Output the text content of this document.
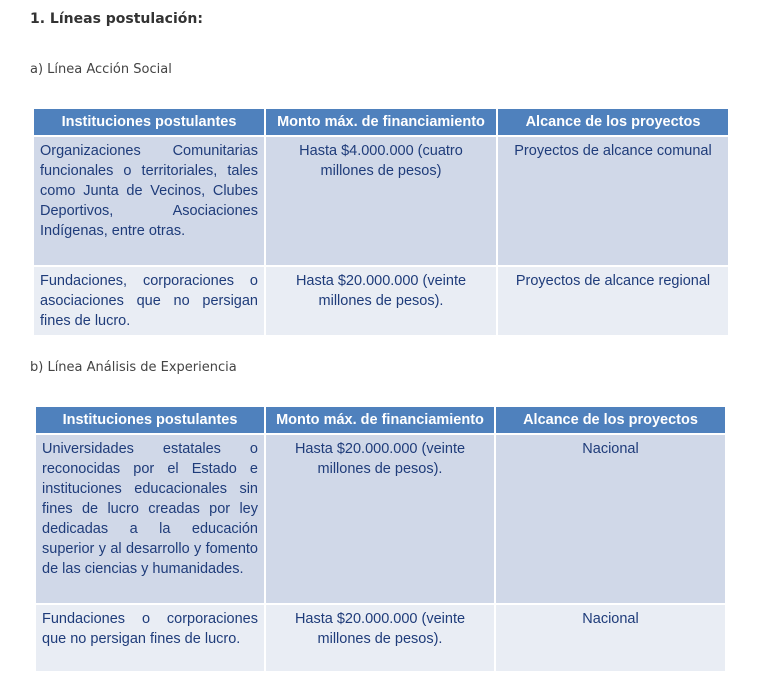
1. Líneas postulación:
a) Línea Acción Social
Instituciones postulantes	Monto máx. de financiamiento	Alcance de los proyectos
Organizaciones Comunitarias funcionales o territoriales, tales como Junta de Vecinos, Clubes Deportivos, Asociaciones Indígenas, entre otras.	Hasta $4.000.000 (cuatro millones de pesos)	Proyectos de alcance comunal
Fundaciones, corporaciones o asociaciones que no persigan fines de lucro.	Hasta $20.000.000 (veinte millones de pesos).	Proyectos de alcance regional
b) Línea Análisis de Experiencia
Instituciones postulantes	Monto máx. de financiamiento	Alcance de los proyectos
Universidades estatales o reconocidas por el Estado e instituciones educacionales sin fines de lucro creadas por ley dedicadas a la educación superior y al desarrollo y fomento de las ciencias y humanidades.	Hasta $20.000.000 (veinte millones de pesos).	Nacional
Fundaciones o corporaciones que no persigan fines de lucro.	Hasta $20.000.000 (veinte millones de pesos).	Nacional
